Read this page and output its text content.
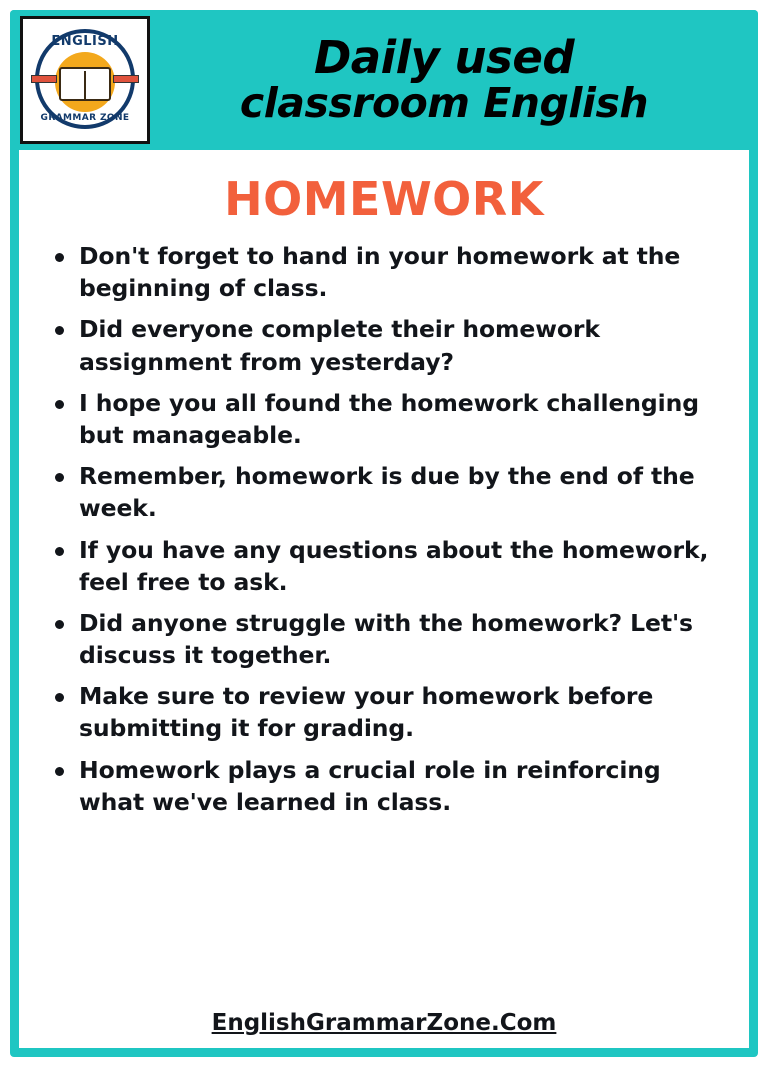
ENGLISH
GRAMMAR ZONE
Daily used
classroom English
HOMEWORK
Don't forget to hand in your homework at the beginning of class.
Did everyone complete their homework assignment from yesterday?
I hope you all found the homework challenging but manageable.
Remember, homework is due by the end of the week.
If you have any questions about the homework, feel free to ask.
Did anyone struggle with the homework? Let's discuss it together.
Make sure to review your homework before submitting it for grading.
Homework plays a crucial role in reinforcing what we've learned in class.
EnglishGrammarZone.Com
